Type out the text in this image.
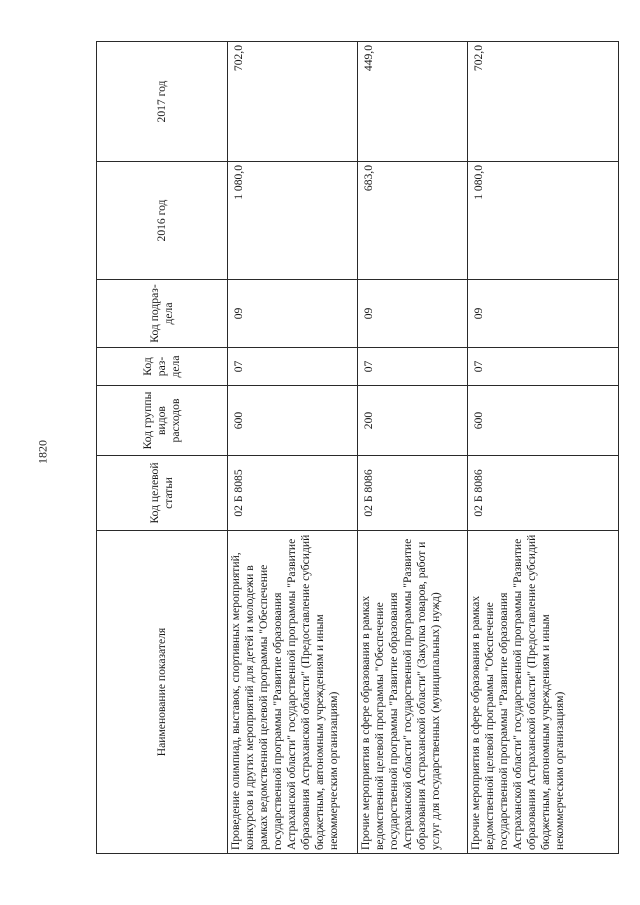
1820
Наименование показателя	Код целевой статьи	Код группы видов расходов	Код раз-дела	Код подраз-дела	2016 год	2017 год
Проведение олимпиад, выставок, спортивных мероприятий, конкурсов и других мероприятий для детей и молодежи в рамках ведомственной целевой программы "Обеспечение государственной программы "Развитие образования Астраханской области" государственной программы "Развитие образования Астраханской области" (Предоставление субсидий бюджетным, автономным учреждениям и иным некоммерческим организациям)	02 Б 8085	600	07	09	1 080,0	702,0
Прочие мероприятия в сфере образования в рамках ведомственной целевой программы "Обеспечение государственной программы "Развитие образования Астраханской области" государственной программы "Развитие образования Астраханской области" (Закупка товаров, работ и услуг для государственных (муниципальных) нужд)	02 Б 8086	200	07	09	683,0	449,0
Прочие мероприятия в сфере образования в рамках ведомственной целевой программы "Обеспечение государственной программы "Развитие образования Астраханской области" государственной программы "Развитие образования Астраханской области" (Предоставление субсидий бюджетным, автономным учреждениям и иным некоммерческим организациям)	02 Б 8086	600	07	09	1 080,0	702,0
